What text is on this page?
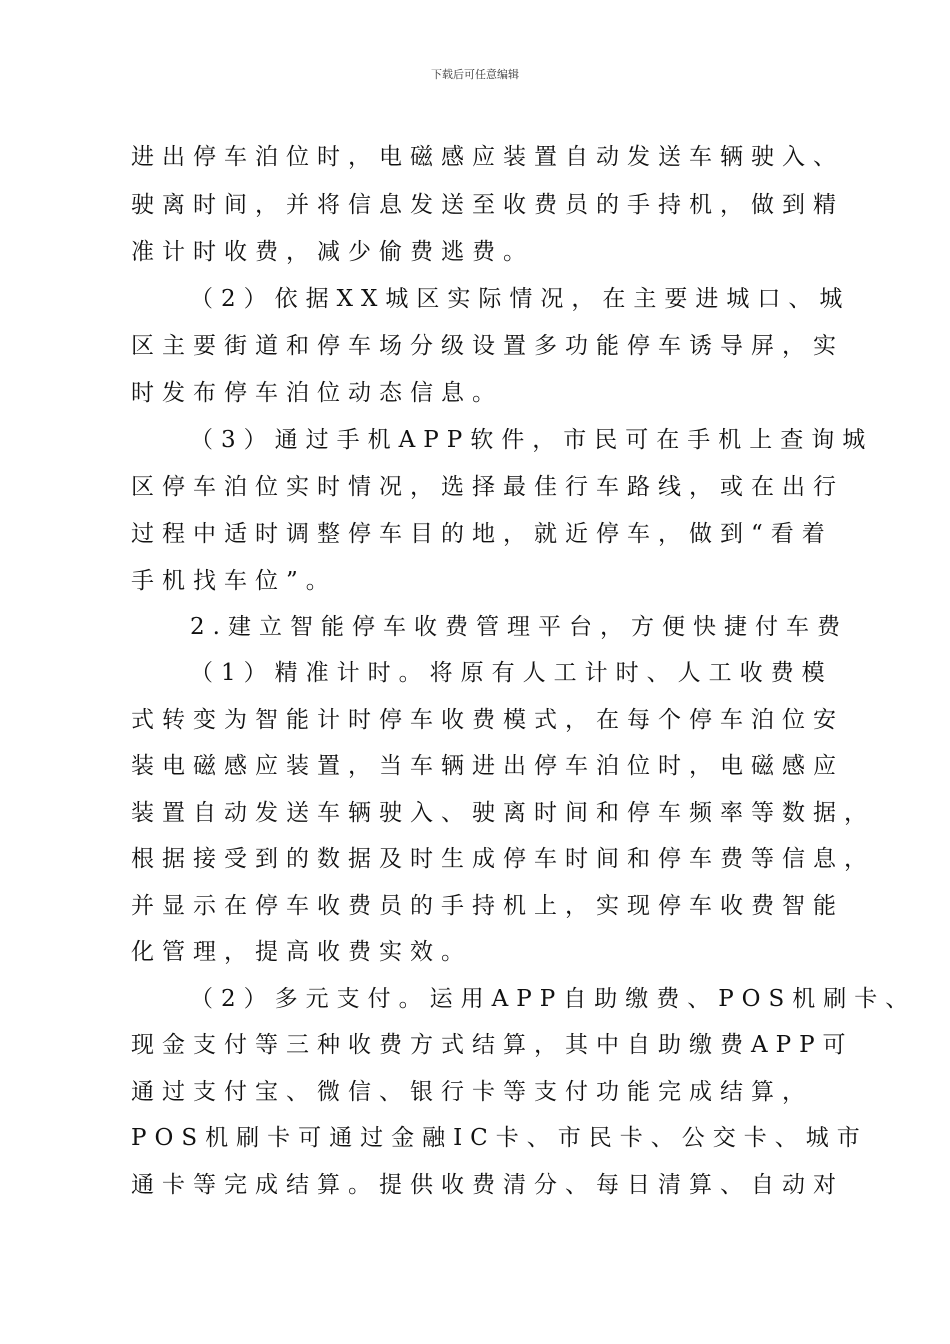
下载后可任意编辑
进出停车泊位时，电磁感应装置自动发送车辆驶入、
驶离时间，并将信息发送至收费员的手持机，做到精
准计时收费，减少偷费逃费。
（2）依据XX城区实际情况，在主要进城口、城
区主要街道和停车场分级设置多功能停车诱导屏，实
时发布停车泊位动态信息。
（3）通过手机APP软件，市民可在手机上查询城
区停车泊位实时情况，选择最佳行车路线，或在出行
过程中适时调整停车目的地，就近停车，做到“看着
手机找车位”。
2.建立智能停车收费管理平台，方便快捷付车费
（1）精准计时。将原有人工计时、人工收费模
式转变为智能计时停车收费模式，在每个停车泊位安
装电磁感应装置，当车辆进出停车泊位时，电磁感应
装置自动发送车辆驶入、驶离时间和停车频率等数据，
根据接受到的数据及时生成停车时间和停车费等信息，
并显示在停车收费员的手持机上，实现停车收费智能
化管理，提高收费实效。
（2）多元支付。运用APP自助缴费、POS机刷卡、
现金支付等三种收费方式结算，其中自助缴费APP可
通过支付宝、微信、银行卡等支付功能完成结算，
POS机刷卡可通过金融IC卡、市民卡、公交卡、城市
通卡等完成结算。提供收费清分、每日清算、自动对
